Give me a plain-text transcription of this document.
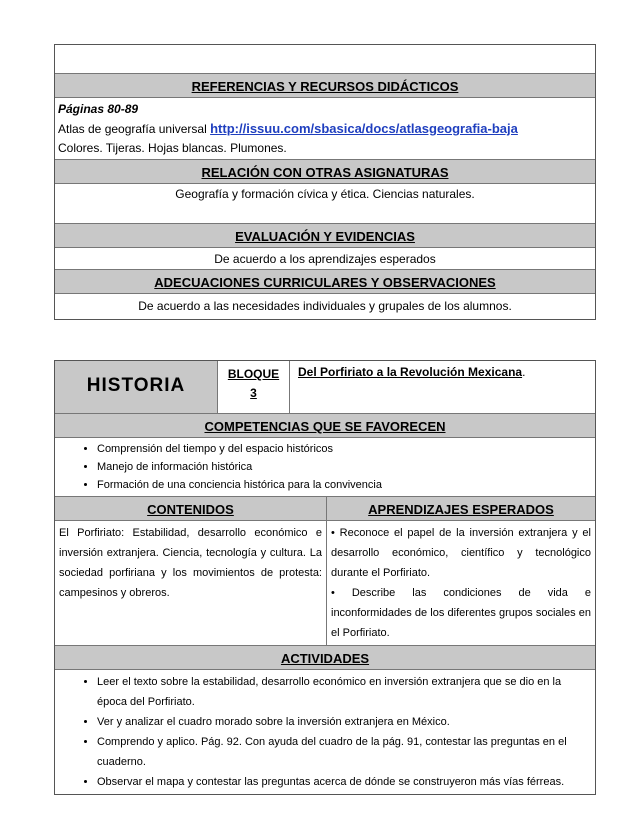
REFERENCIAS Y RECURSOS DIDÁCTICOS
Páginas 80-89
Atlas de geografía universal http://issuu.com/sbasica/docs/atlasgeografia-baja
Colores. Tijeras. Hojas blancas. Plumones.
RELACIÓN CON OTRAS ASIGNATURAS
Geografía y formación cívica y ética. Ciencias naturales.
EVALUACIÓN Y EVIDENCIAS
De acuerdo a los aprendizajes esperados
ADECUACIONES CURRICULARES Y OBSERVACIONES
De acuerdo a las necesidades individuales y grupales de los alumnos.
HISTORIA
BLOQUE
3
Del Porfiriato a la Revolución Mexicana.
COMPETENCIAS QUE SE FAVORECEN
• Comprensión del tiempo y del espacio históricos
• Manejo de información histórica
• Formación de una conciencia histórica para la convivencia
CONTENIDOS	APRENDIZAJES ESPERADOS
El Porfiriato: Estabilidad, desarrollo económico e inversión extranjera. Ciencia, tecnología y cultura. La sociedad porfiriana y los movimientos de protesta: campesinos y obreros.
• Reconoce el papel de la inversión extranjera y el desarrollo económico, científico y tecnológico durante el Porfiriato.
• Describe las condiciones de vida e inconformidades de los diferentes grupos sociales en el Porfiriato.
ACTIVIDADES
• Leer el texto sobre la estabilidad, desarrollo económico en inversión extranjera que se dio en la época del Porfiriato.
• Ver y analizar el cuadro morado sobre la inversión extranjera en México.
• Comprendo y aplico. Pág. 92. Con ayuda del cuadro de la pág. 91, contestar las preguntas en el cuaderno.
• Observar el mapa y contestar las preguntas acerca de dónde se construyeron más vías férreas.
